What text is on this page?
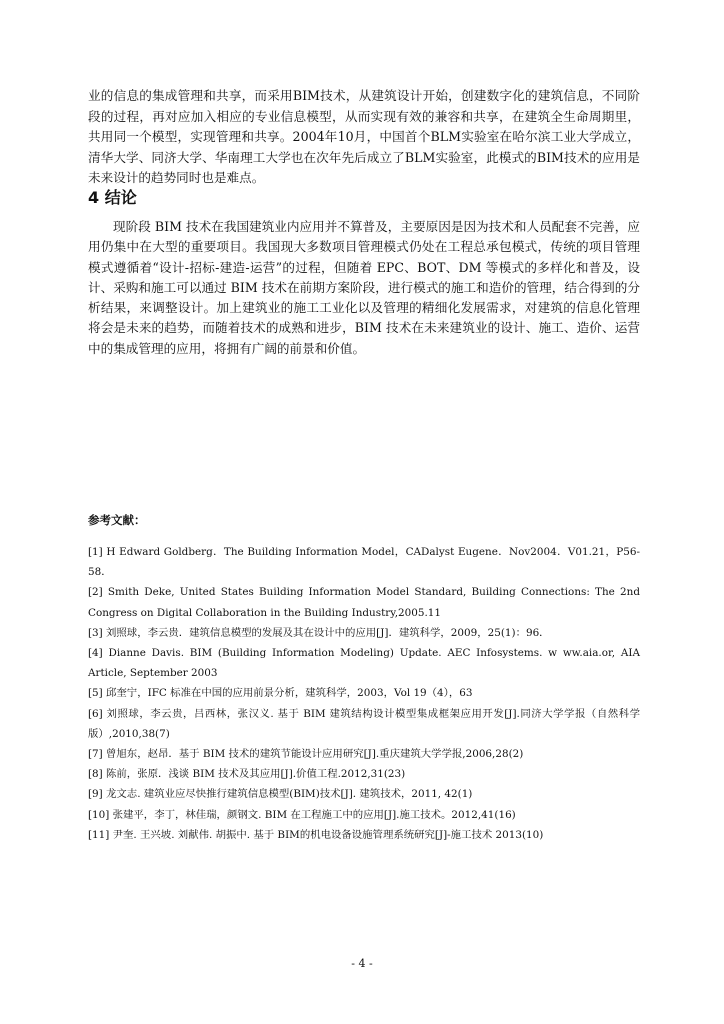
业的信息的集成管理和共享，而采用BIM技术，从建筑设计开始，创建数字化的建筑信息，不同阶段的过程，再对应加入相应的专业信息模型，从而实现有效的兼容和共享，在建筑全生命周期里，共用同一个模型，实现管理和共享。2004年10月，中国首个BLM实验室在哈尔滨工业大学成立，清华大学、同济大学、华南理工大学也在次年先后成立了BLM实验室，此模式的BIM技术的应用是未来设计的趋势同时也是难点。

4 结论

现阶段 BIM 技术在我国建筑业内应用并不算普及，主要原因是因为技术和人员配套不完善，应用仍集中在大型的重要项目。我国现大多数项目管理模式仍处在工程总承包模式，传统的项目管理模式遵循着“设计-招标-建造-运营”的过程，但随着 EPC、BOT、DM 等模式的多样化和普及，设计、采购和施工可以通过 BIM 技术在前期方案阶段，进行模式的施工和造价的管理，结合得到的分析结果，来调整设计。加上建筑业的施工工业化以及管理的精细化发展需求，对建筑的信息化管理将会是未来的趋势，而随着技术的成熟和进步，BIM 技术在未来建筑业的设计、施工、造价、运营中的集成管理的应用，将拥有广阔的前景和价值。

参考文献：
[1] H Edward Goldberg．The Building Information Model，CADalyst Eugene．Nov2004．V01.21，P56-58．
[2] Smith Deke, United States Building Information Model Standard, Building Connections: The 2nd Congress on Digital Collaboration in the Building Industry,2005.11
[3] 刘照球，李云贵．建筑信息模型的发展及其在设计中的应用[J]．建筑科学，2009，25(1)：96．
[4] Dianne Davis. BIM (Building Information Modeling) Update. AEC Infosystems. w ww.aia.or, AIA Article, September 2003
[5] 邱奎宁，IFC 标准在中国的应用前景分析，建筑科学，2003，Vol 19（4），63
[6] 刘照球，李云贵，吕西林，张汉义. 基于 BIM 建筑结构设计模型集成框架应用开发[J].同济大学学报（自然科学版）,2010,38(7)
[7] 曾旭东，赵昂．基于 BIM 技术的建筑节能设计应用研究[J].重庆建筑大学学报,2006,28(2)
[8] 陈前，张原．浅谈 BIM 技术及其应用[J].价值工程.2012,31(23)
[9] 龙文志. 建筑业应尽快推行建筑信息模型(BIM)技术[J]. 建筑技术，2011, 42(1)
[10] 张建平，李丁，林佳瑞，颜钢文. BIM 在工程施工中的应用[J].施工技术。2012,41(16)
[11] 尹奎. 王兴坡. 刘献伟. 胡振中. 基于 BIM的机电设备设施管理系统研究[J]-施工技术 2013(10)
- 4 -
